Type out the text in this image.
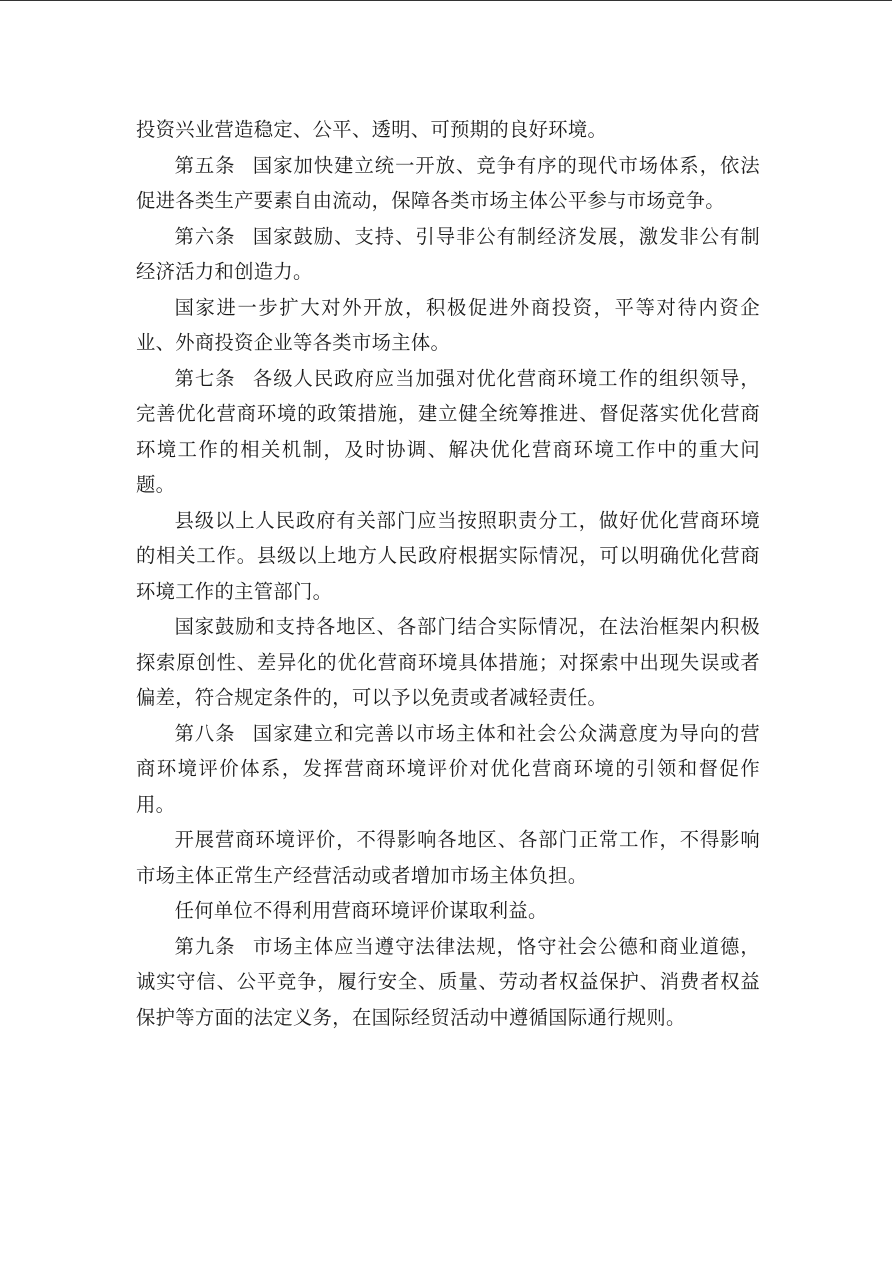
投资兴业营造稳定、公平、透明、可预期的良好环境。

第五条 国家加快建立统一开放、竞争有序的现代市场体系，依法促进各类生产要素自由流动，保障各类市场主体公平参与市场竞争。

第六条 国家鼓励、支持、引导非公有制经济发展，激发非公有制经济活力和创造力。

国家进一步扩大对外开放，积极促进外商投资，平等对待内资企业、外商投资企业等各类市场主体。

第七条 各级人民政府应当加强对优化营商环境工作的组织领导，完善优化营商环境的政策措施，建立健全统筹推进、督促落实优化营商环境工作的相关机制，及时协调、解决优化营商环境工作中的重大问题。

县级以上人民政府有关部门应当按照职责分工，做好优化营商环境的相关工作。县级以上地方人民政府根据实际情况，可以明确优化营商环境工作的主管部门。

国家鼓励和支持各地区、各部门结合实际情况，在法治框架内积极探索原创性、差异化的优化营商环境具体措施；对探索中出现失误或者偏差，符合规定条件的，可以予以免责或者减轻责任。

第八条 国家建立和完善以市场主体和社会公众满意度为导向的营商环境评价体系，发挥营商环境评价对优化营商环境的引领和督促作用。

开展营商环境评价，不得影响各地区、各部门正常工作，不得影响市场主体正常生产经营活动或者增加市场主体负担。

任何单位不得利用营商环境评价谋取利益。

第九条 市场主体应当遵守法律法规，恪守社会公德和商业道德，诚实守信、公平竞争，履行安全、质量、劳动者权益保护、消费者权益保护等方面的法定义务，在国际经贸活动中遵循国际通行规则。
